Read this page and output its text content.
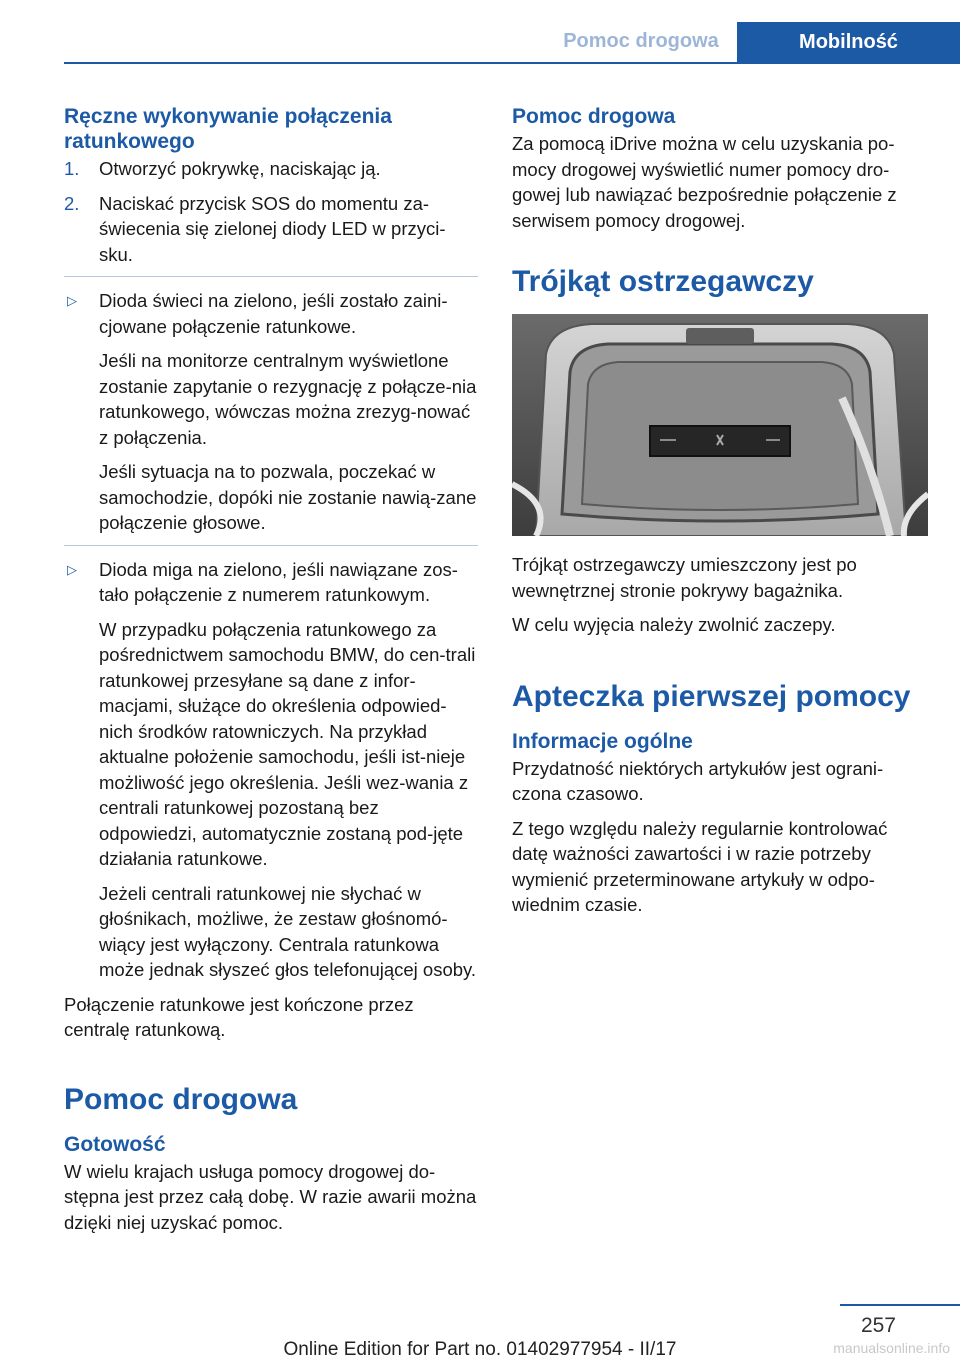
Pomoc drogowa	Mobilność
Ręczne wykonywanie połączenia ratunkowego
1. Otworzyć pokrywkę, naciskając ją.
2. Naciskać przycisk SOS do momentu za-świecenia się zielonej diody LED w przyci-sku.
▷ Dioda świeci na zielono, jeśli zostało zaini-cjowane połączenie ratunkowe.

Jeśli na monitorze centralnym wyświetlone zostanie zapytanie o rezygnację z połącze-nia ratunkowego, wówczas można zrezyg-nować z połączenia.

Jeśli sytuacja na to pozwala, poczekać w samochodzie, dopóki nie zostanie nawią-zane połączenie głosowe.

▷ Dioda miga na zielono, jeśli nawiązane zos-tało połączenie z numerem ratunkowym.

W przypadku połączenia ratunkowego za pośrednictwem samochodu BMW, do cen-trali ratunkowej przesyłane są dane z infor-macjami, służące do określenia odpowied-nich środków ratowniczych. Na przykład aktualne położenie samochodu, jeśli ist-nieje możliwość jego określenia. Jeśli wez-wania z centrali ratunkowej pozostaną bez odpowiedzi, automatycznie zostaną pod-jęte działania ratunkowe.

Jeżeli centrali ratunkowej nie słychać w głośnikach, możliwe, że zestaw głośnomó-wiący jest wyłączony. Centrala ratunkowa może jednak słyszeć głos telefonującej osoby.

Połączenie ratunkowe jest kończone przez centralę ratunkową.

Pomoc drogowa
Gotowość

W wielu krajach usługa pomocy drogowej do-stępna jest przez całą dobę. W razie awarii można dzięki niej uzyskać pomoc.

Pomoc drogowa

Za pomocą iDrive można w celu uzyskania po-mocy drogowej wyświetlić numer pomocy dro-gowej lub nawiązać bezpośrednie połączenie z serwisem pomocy drogowej.

Trójkąt ostrzegawczy

Trójkąt ostrzegawczy umieszczony jest po wewnętrznej stronie pokrywy bagażnika.

W celu wyjęcia należy zwolnić zaczepy.

Apteczka pierwszej pomocy
Informacje ogólne

Przydatność niektórych artykułów jest ograni-czona czasowo.

Z tego względu należy regularnie kontrolować datę ważności zawartości i w razie potrzeby wymienić przeterminowane artykuły w odpo-wiednim czasie.

257
Online Edition for Part no. 01402977954 - II/17	manualsonline.info
